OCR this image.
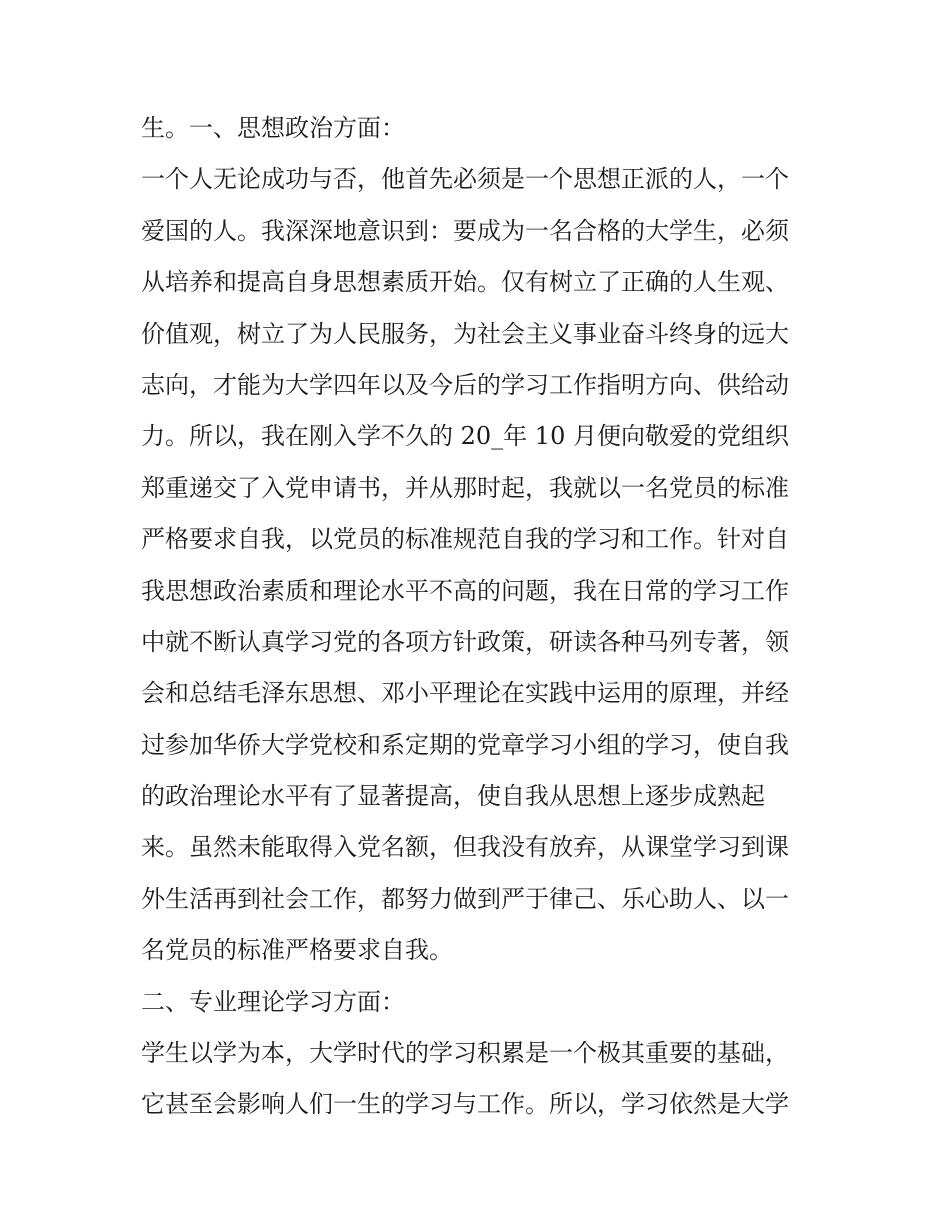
生。一、思想政治方面：
一个人无论成功与否，他首先必须是一个思想正派的人，一个
爱国的人。我深深地意识到：要成为一名合格的大学生，必须
从培养和提高自身思想素质开始。仅有树立了正确的人生观、
价值观，树立了为人民服务，为社会主义事业奋斗终身的远大
志向，才能为大学四年以及今后的学习工作指明方向、供给动
力。所以，我在刚入学不久的 20_年 10 月便向敬爱的党组织
郑重递交了入党申请书，并从那时起，我就以一名党员的标准
严格要求自我，以党员的标准规范自我的学习和工作。针对自
我思想政治素质和理论水平不高的问题，我在日常的学习工作
中就不断认真学习党的各项方针政策，研读各种马列专著，领
会和总结毛泽东思想、邓小平理论在实践中运用的原理，并经
过参加华侨大学党校和系定期的党章学习小组的学习，使自我
的政治理论水平有了显著提高，使自我从思想上逐步成熟起
来。虽然未能取得入党名额，但我没有放弃，从课堂学习到课
外生活再到社会工作，都努力做到严于律己、乐心助人、以一
名党员的标准严格要求自我。
二、专业理论学习方面：
学生以学为本，大学时代的学习积累是一个极其重要的基础，
它甚至会影响人们一生的学习与工作。所以，学习依然是大学
